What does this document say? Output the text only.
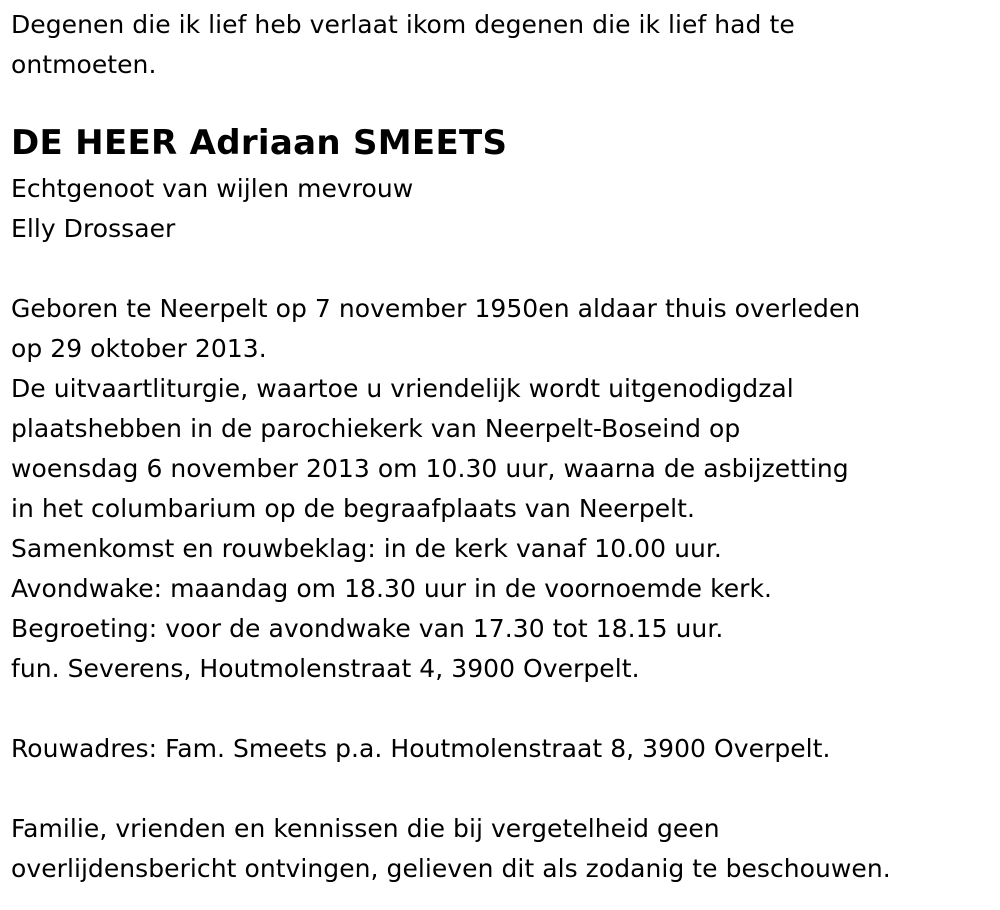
Degenen die ik lief heb verlaat ikom degenen die ik lief had te
ontmoeten.
DE HEER Adriaan SMEETS
Echtgenoot van wijlen mevrouw
Elly Drossaer
Geboren te Neerpelt op 7 november 1950en aldaar thuis overleden
op 29 oktober 2013.
De uitvaartliturgie, waartoe u vriendelijk wordt uitgenodigdzal
plaatshebben in de parochiekerk van Neerpelt-Boseind op
woensdag 6 november 2013 om 10.30 uur, waarna de asbijzetting
in het columbarium op de begraafplaats van Neerpelt.
Samenkomst en rouwbeklag: in de kerk vanaf 10.00 uur.
Avondwake: maandag om 18.30 uur in de voornoemde kerk.
Begroeting: voor de avondwake van 17.30 tot 18.15 uur.
fun. Severens, Houtmolenstraat 4, 3900 Overpelt.
Rouwadres: Fam. Smeets p.a. Houtmolenstraat 8, 3900 Overpelt.
Familie, vrienden en kennissen die bij vergetelheid geen
overlijdensbericht ontvingen, gelieven dit als zodanig te beschouwen.
